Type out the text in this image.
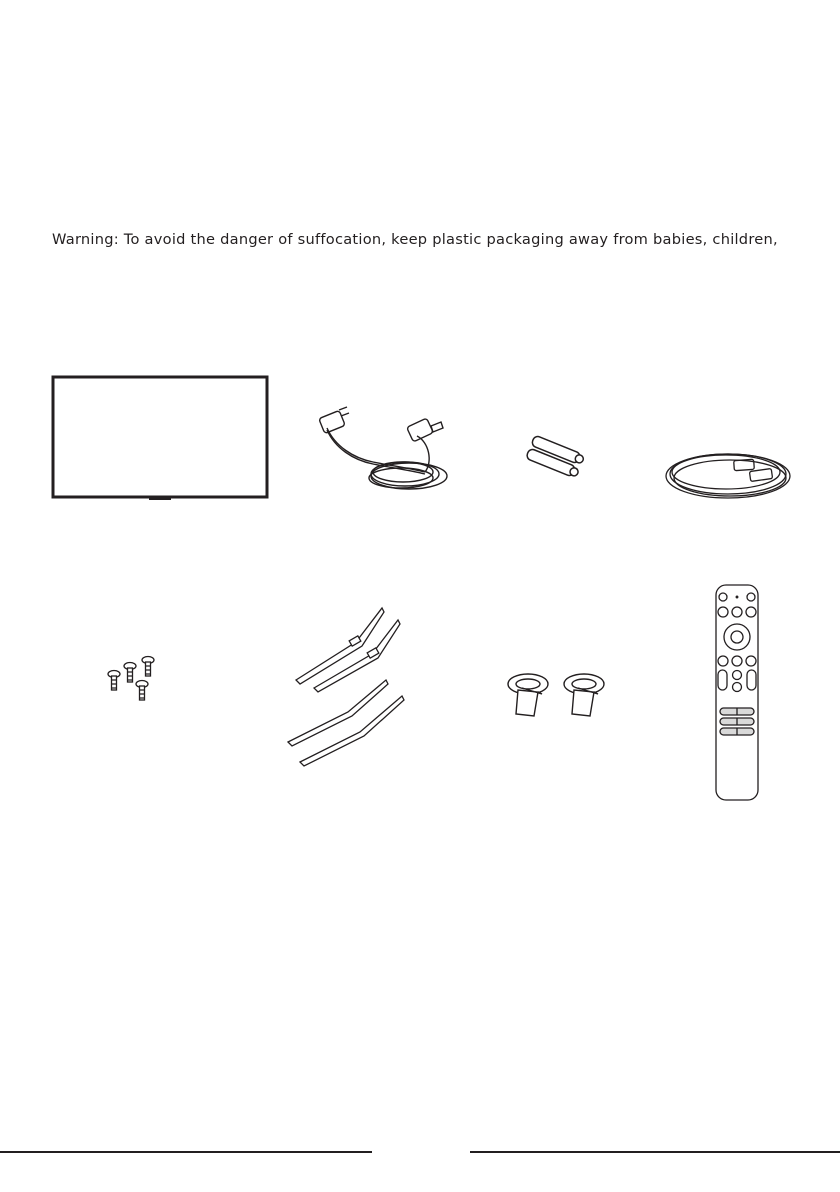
Warning: To avoid the danger of suffocation, keep plastic packaging away from babies, children,
